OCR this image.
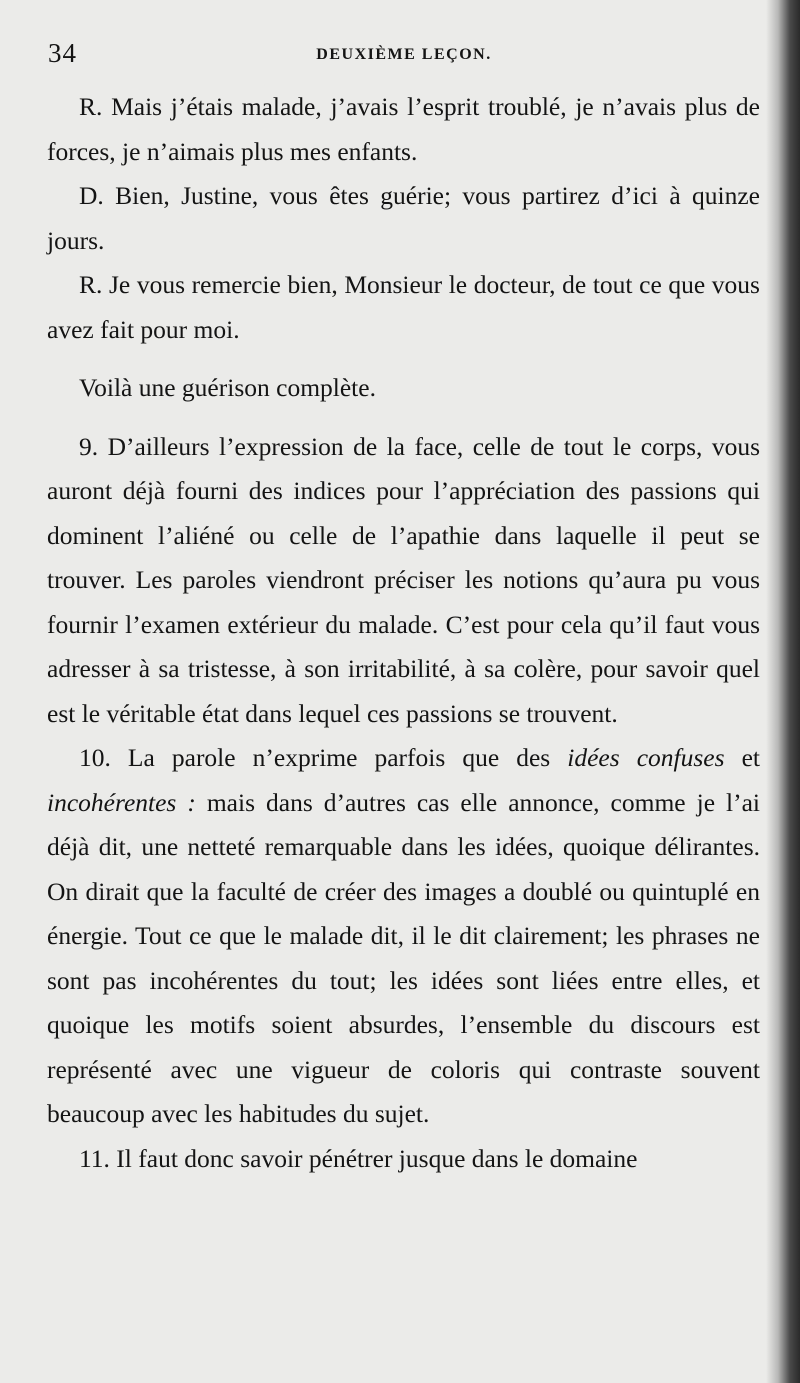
34	DEUXIÈME LEÇON.

R. Mais j’étais malade, j’avais l’esprit troublé, je n’avais plus de forces, je n’aimais plus mes enfants.

D. Bien, Justine, vous êtes guérie; vous partirez d’ici à quinze jours.

R. Je vous remercie bien, Monsieur le docteur, de tout ce que vous avez fait pour moi.

Voilà une guérison complète.

9. D’ailleurs l’expression de la face, celle de tout le corps, vous auront déjà fourni des indices pour l’appréciation des passions qui dominent l’aliéné ou celle de l’apathie dans laquelle il peut se trouver. Les paroles viendront préciser les notions qu’aura pu vous fournir l’examen extérieur du malade. C’est pour cela qu’il faut vous adresser à sa tristesse, à son irritabilité, à sa colère, pour savoir quel est le véritable état dans lequel ces passions se trouvent.

10. La parole n’exprime parfois que des idées confuses et incohérentes : mais dans d’autres cas elle annonce, comme je l’ai déjà dit, une netteté remarquable dans les idées, quoique délirantes. On dirait que la faculté de créer des images a doublé ou quintuplé en énergie. Tout ce que le malade dit, il le dit clairement; les phrases ne sont pas incohérentes du tout; les idées sont liées entre elles, et quoique les motifs soient absurdes, l’ensemble du discours est représenté avec une vigueur de coloris qui contraste souvent beaucoup avec les habitudes du sujet.

11. Il faut donc savoir pénétrer jusque dans le domaine
